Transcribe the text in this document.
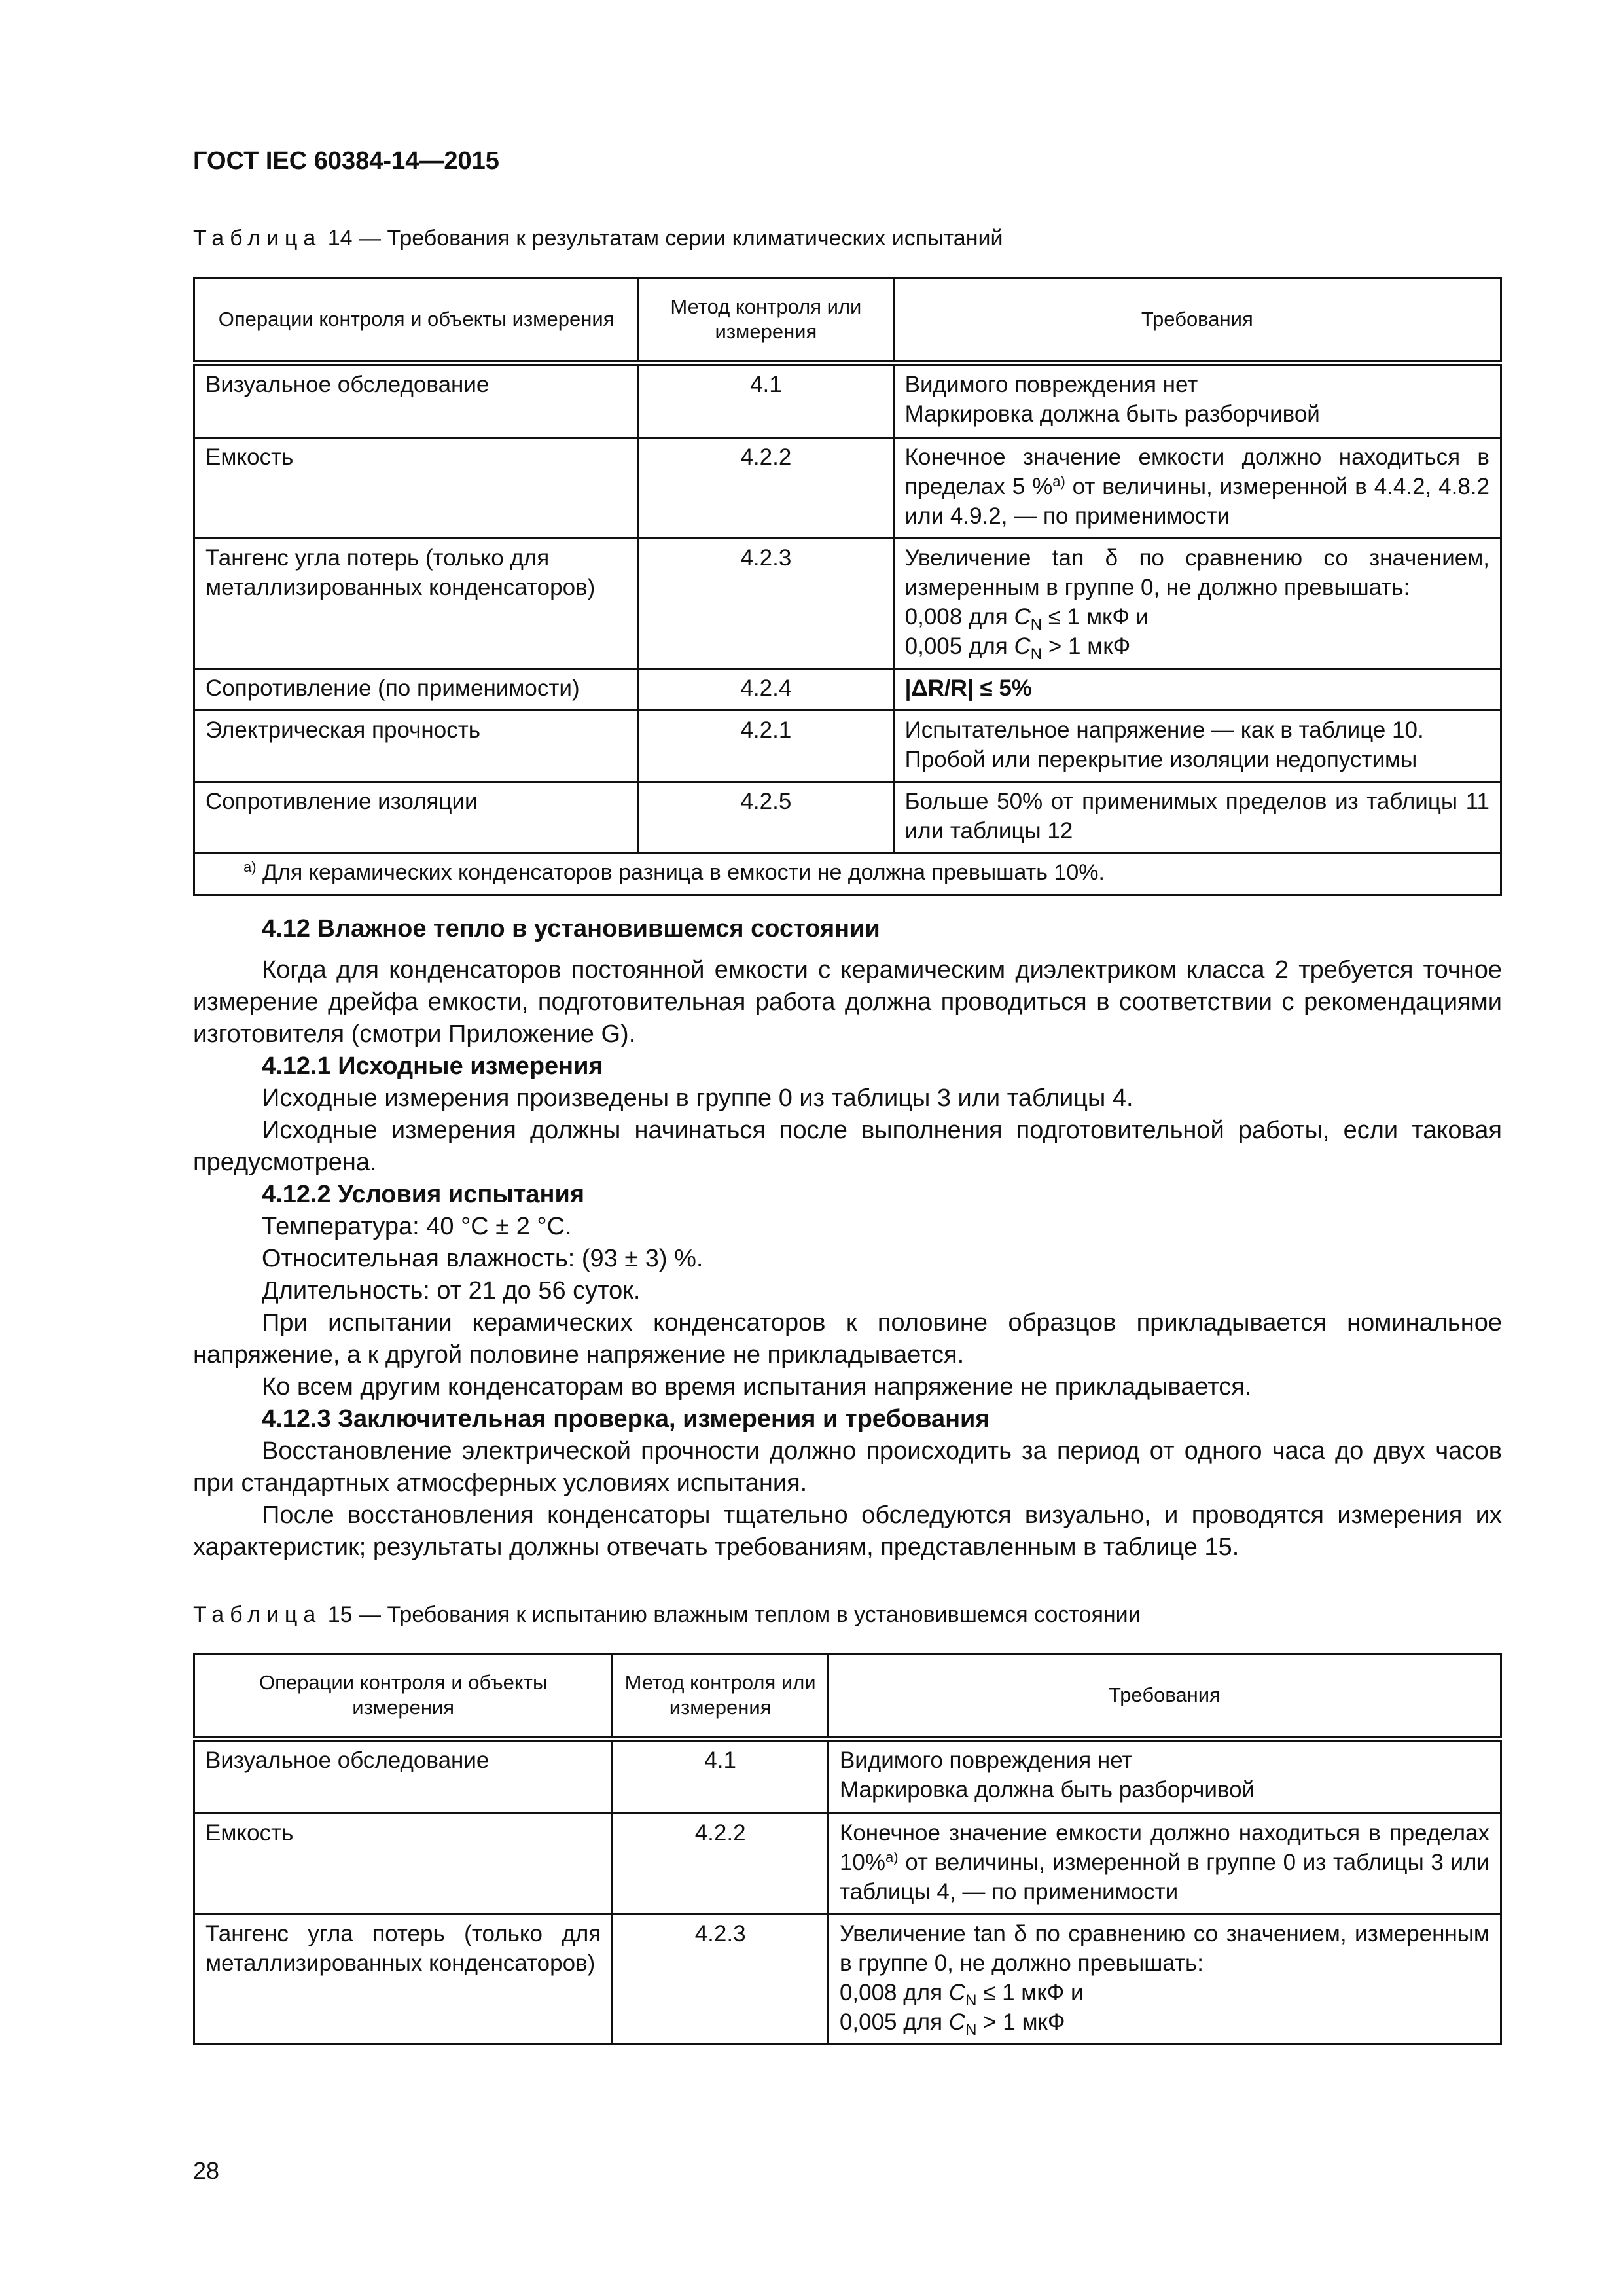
ГОСТ IEC 60384-14—2015
Таблица 14 — Требования к результатам серии климатических испытаний
Операции контроля и объекты измерения	Метод контроля или измерения	Требования
Визуальное обследование	4.1	Видимого повреждения нет
Маркировка должна быть разборчивой

Емкость	4.2.2	Конечное значение емкости должно находиться в пределах 5 %$^{a)}$ от величины, измеренной в 4.4.2, 4.8.2 или 4.9.2, — по применимости
Тангенс угла потерь (только для металлизированных конденсаторов)	4.2.3	Увеличение tan δ по сравнению со значением, измеренным в группе 0, не должно превышать:
0,008 для $C_N \le 1$ мкФ и
0,005 для $C_N > 1$ мкФ

Сопротивление (по применимости)	4.2.4	|ΔR/R| ≤ 5%
Электрическая прочность	4.2.1	Испытательное напряжение — как в таблице 10.
Пробой или перекрытие изоляции недопустимы

Сопротивление изоляции	4.2.5	Больше 50% от применимых пределов из таблицы 11 или таблицы 12
$^{a)}$ Для керамических конденсаторов разница в емкости не должна превышать 10%.		

4.12 Влажное тепло в установившемся состоянии

Когда для конденсаторов постоянной емкости с керамическим диэлектриком класса 2 требуется точное измерение дрейфа емкости, подготовительная работа должна проводиться в соответствии с рекомендациями изготовителя (смотри Приложение G).

4.12.1 Исходные измерения

Исходные измерения произведены в группе 0 из таблицы 3 или таблицы 4.

Исходные измерения должны начинаться после выполнения подготовительной работы, если таковая предусмотрена.

4.12.2 Условия испытания

Температура: 40 °С ± 2 °С.

Относительная влажность: (93 ± 3) %.

Длительность: от 21 до 56 суток.

При испытании керамических конденсаторов к половине образцов прикладывается номинальное напряжение, а к другой половине напряжение не прикладывается.

Ко всем другим конденсаторам во время испытания напряжение не прикладывается.

4.12.3 Заключительная проверка, измерения и требования

Восстановление электрической прочности должно происходить за период от одного часа до двух часов при стандартных атмосферных условиях испытания.

После восстановления конденсаторы тщательно обследуются визуально, и проводятся измерения их характеристик; результаты должны отвечать требованиям, представленным в таблице 15.

Таблица 15 — Требования к испытанию влажным теплом в установившемся состоянии
Операции контроля и объекты измерения	Метод контроля или измерения	Требования
Визуальное обследование	4.1	Видимого повреждения нет
Маркировка должна быть разборчивой

Емкость	4.2.2	Конечное значение емкости должно находиться в пределах 10%$^{a)}$ от величины, измеренной в группе 0 из таблицы 3 или таблицы 4, — по применимости
Тангенс угла потерь (только для металлизированных конденсаторов)	4.2.3	Увеличение tan δ по сравнению со значением, измеренным в группе 0, не должно превышать:
0,008 для $C_N \le 1$ мкФ и
0,005 для $C_N > 1$ мкФ
28
